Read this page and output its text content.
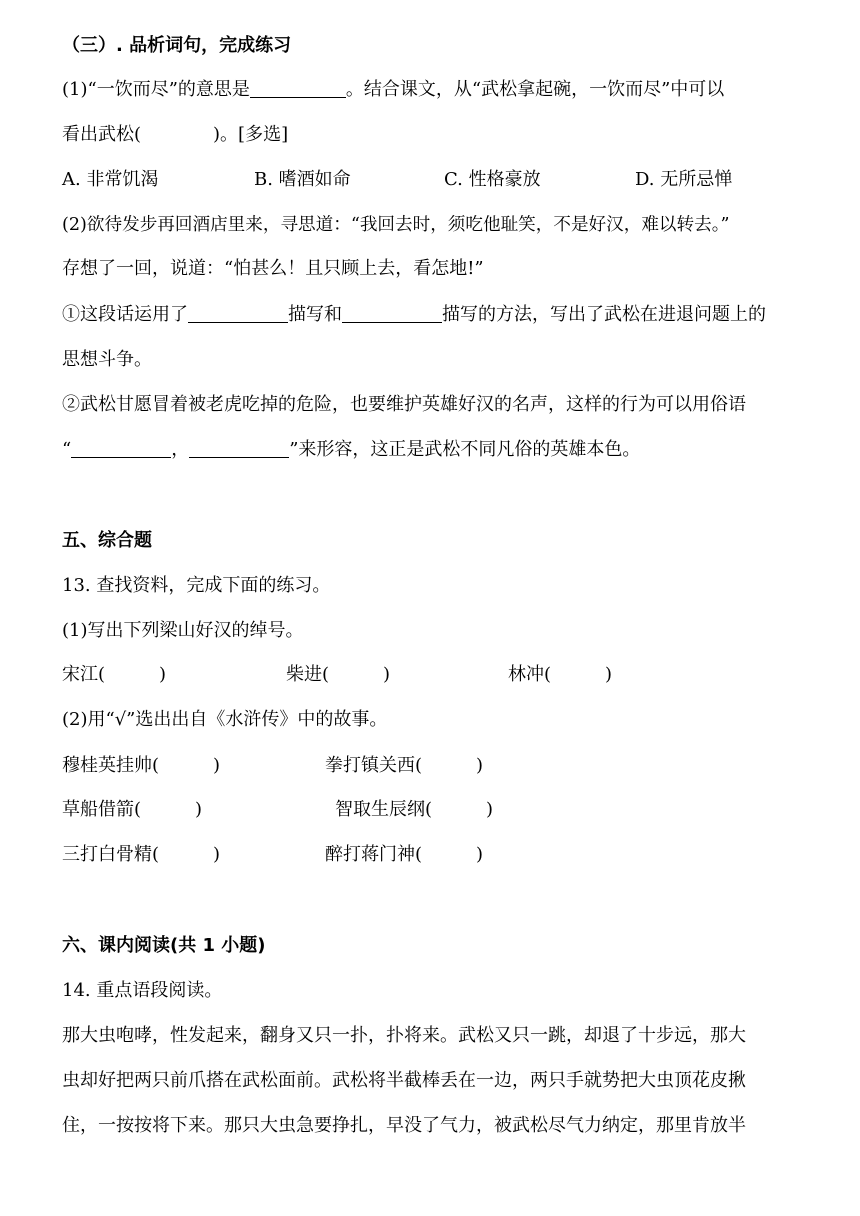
（三）. 品析词句，完成练习
(1)“一饮而尽”的意思是	。结合课文，从“武松拿起碗，一饮而尽”中可以
看出武松(　　　　)。[多选]
A. 非常饥渴	B. 嗜酒如命	C. 性格豪放	D. 无所忌惮
(2)欲待发步再回酒店里来，寻思道：“我回去时，须吃他耻笑，不是好汉，难以转去。”
存想了一回，说道：“怕甚么！且只顾上去，看怎地!”
①这段话运用了	描写和	描写的方法，写出了武松在进退问题上的
思想斗争。
②武松甘愿冒着被老虎吃掉的危险，也要维护英雄好汉的名声，这样的行为可以用俗语
“	，	”来形容，这正是武松不同凡俗的英雄本色。
五、综合题
13. 查找资料，完成下面的练习。
(1)写出下列梁山好汉的绰号。
宋江(　　　)	柴进(　　　)	林冲(　　　)
(2)用“√”选出出自《水浒传》中的故事。
穆桂英挂帅(　　　)	拳打镇关西(　　　)
草船借箭(　　　)	智取生辰纲(　　　)
三打白骨精(　　　)	醉打蒋门神(　　　)
六、课内阅读(共 1 小题)
14. 重点语段阅读。
那大虫咆哮，性发起来，翻身又只一扑，扑将来。武松又只一跳，却退了十步远，那大
虫却好把两只前爪搭在武松面前。武松将半截棒丢在一边，两只手就势把大虫顶花皮揪
住，一按按将下来。那只大虫急要挣扎，早没了气力，被武松尽气力纳定，那里肯放半
